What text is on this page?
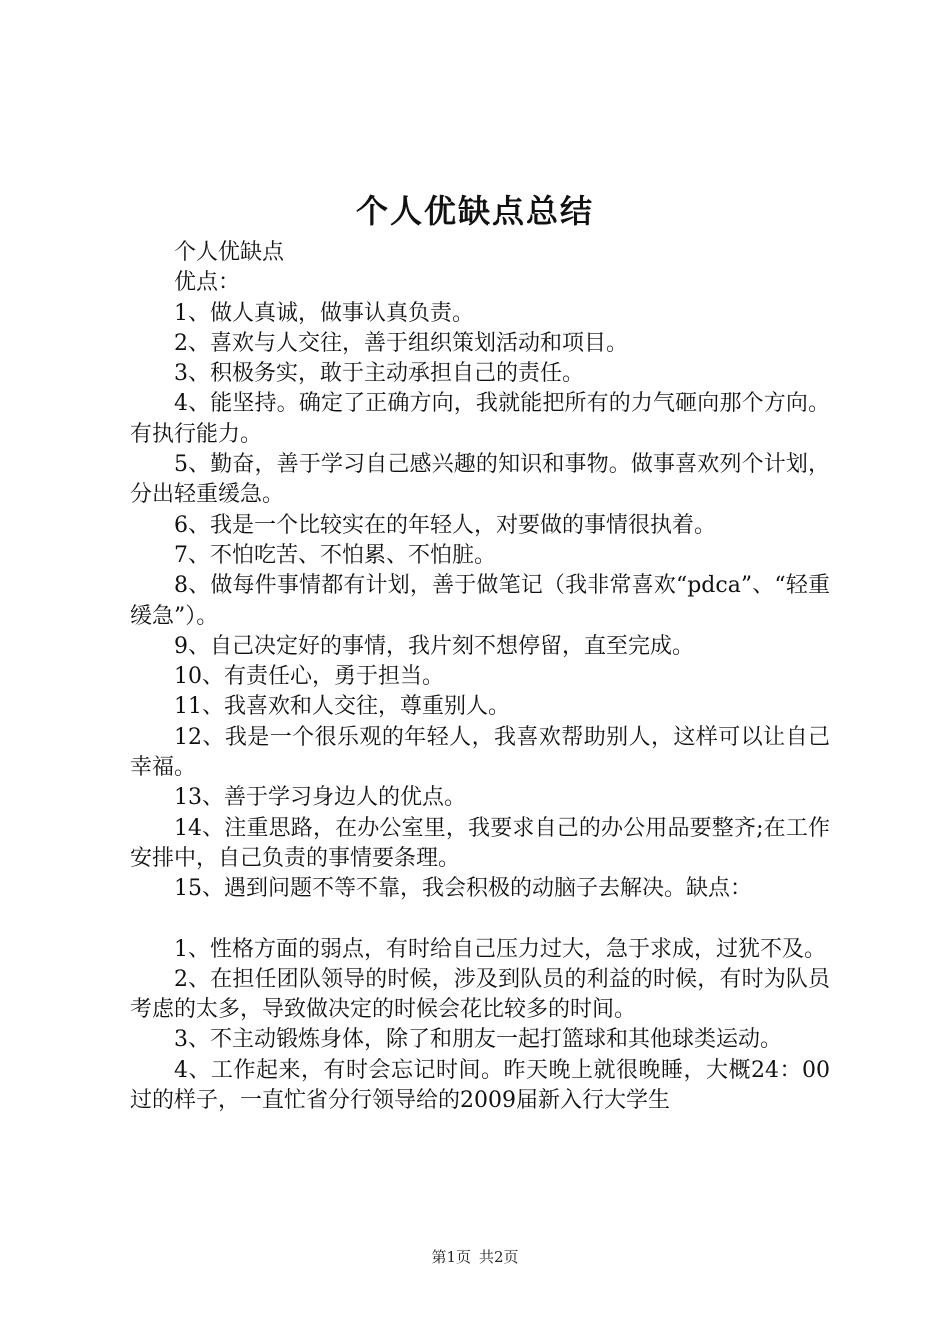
个人优缺点总结

个人优缺点

优点：

1、做人真诚，做事认真负责。

2、喜欢与人交往，善于组织策划活动和项目。

3、积极务实，敢于主动承担自己的责任。

4、能坚持。确定了正确方向，我就能把所有的力气砸向那个方向。有执行能力。

5、勤奋，善于学习自己感兴趣的知识和事物。做事喜欢列个计划，分出轻重缓急。

6、我是一个比较实在的年轻人，对要做的事情很执着。

7、不怕吃苦、不怕累、不怕脏。

8、做每件事情都有计划，善于做笔记（我非常喜欢“pdca”、“轻重缓急”）。

9、自己决定好的事情，我片刻不想停留，直至完成。

10、有责任心，勇于担当。

11、我喜欢和人交往，尊重别人。

12、我是一个很乐观的年轻人，我喜欢帮助别人，这样可以让自己幸福。

13、善于学习身边人的优点。

14、注重思路，在办公室里，我要求自己的办公用品要整齐;在工作安排中，自己负责的事情要条理。

15、遇到问题不等不靠，我会积极的动脑子去解决。缺点：

1、性格方面的弱点，有时给自己压力过大，急于求成，过犹不及。

2、在担任团队领导的时候，涉及到队员的利益的时候，有时为队员考虑的太多，导致做决定的时候会花比较多的时间。

3、不主动锻炼身体，除了和朋友一起打篮球和其他球类运动。

4、工作起来，有时会忘记时间。昨天晚上就很晚睡，大概24：00过的样子，一直忙省分行领导给的2009届新入行大学生

第1页 共2页
